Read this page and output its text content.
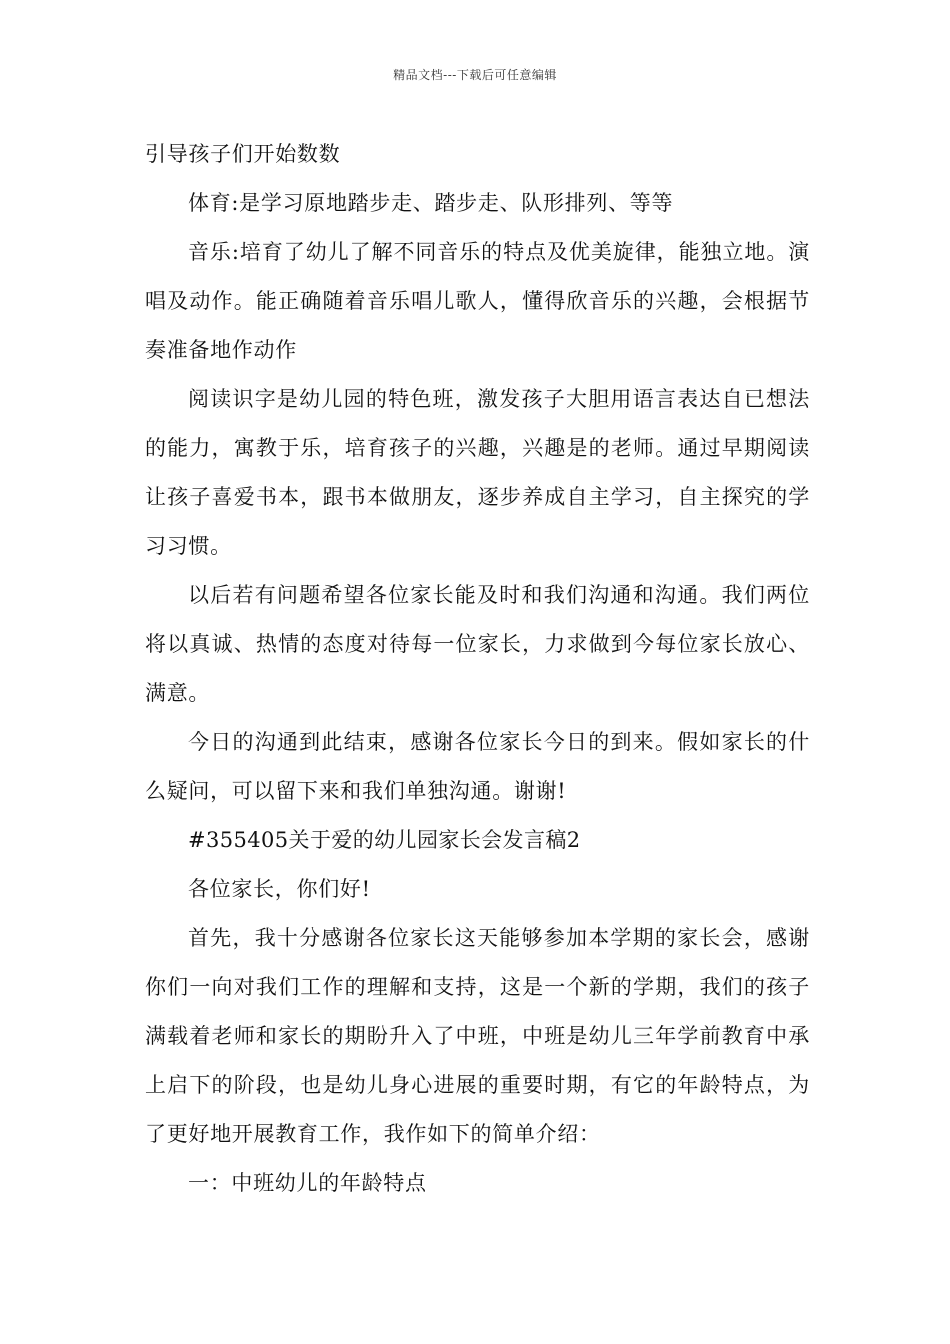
精品文档---下载后可任意编辑

引导孩子们开始数数

体育:是学习原地踏步走、踏步走、队形排列、等等

音乐:培育了幼儿了解不同音乐的特点及优美旋律，能独立地。演唱及动作。能正确随着音乐唱儿歌人，懂得欣音乐的兴趣，会根据节奏准备地作动作

阅读识字是幼儿园的特色班，激发孩子大胆用语言表达自已想法的能力，寓教于乐，培育孩子的兴趣，兴趣是的老师。通过早期阅读让孩子喜爱书本，跟书本做朋友，逐步养成自主学习，自主探究的学习习惯。

以后若有问题希望各位家长能及时和我们沟通和沟通。我们两位将以真诚、热情的态度对待每一位家长，力求做到今每位家长放心、满意。

今日的沟通到此结束，感谢各位家长今日的到来。假如家长的什么疑问，可以留下来和我们单独沟通。谢谢!

#355405关于爱的幼儿园家长会发言稿2

各位家长，你们好!

首先，我十分感谢各位家长这天能够参加本学期的家长会，感谢你们一向对我们工作的理解和支持，这是一个新的学期，我们的孩子满载着老师和家长的期盼升入了中班，中班是幼儿三年学前教育中承上启下的阶段，也是幼儿身心进展的重要时期，有它的年龄特点，为了更好地开展教育工作，我作如下的简单介绍：

一：中班幼儿的年龄特点
